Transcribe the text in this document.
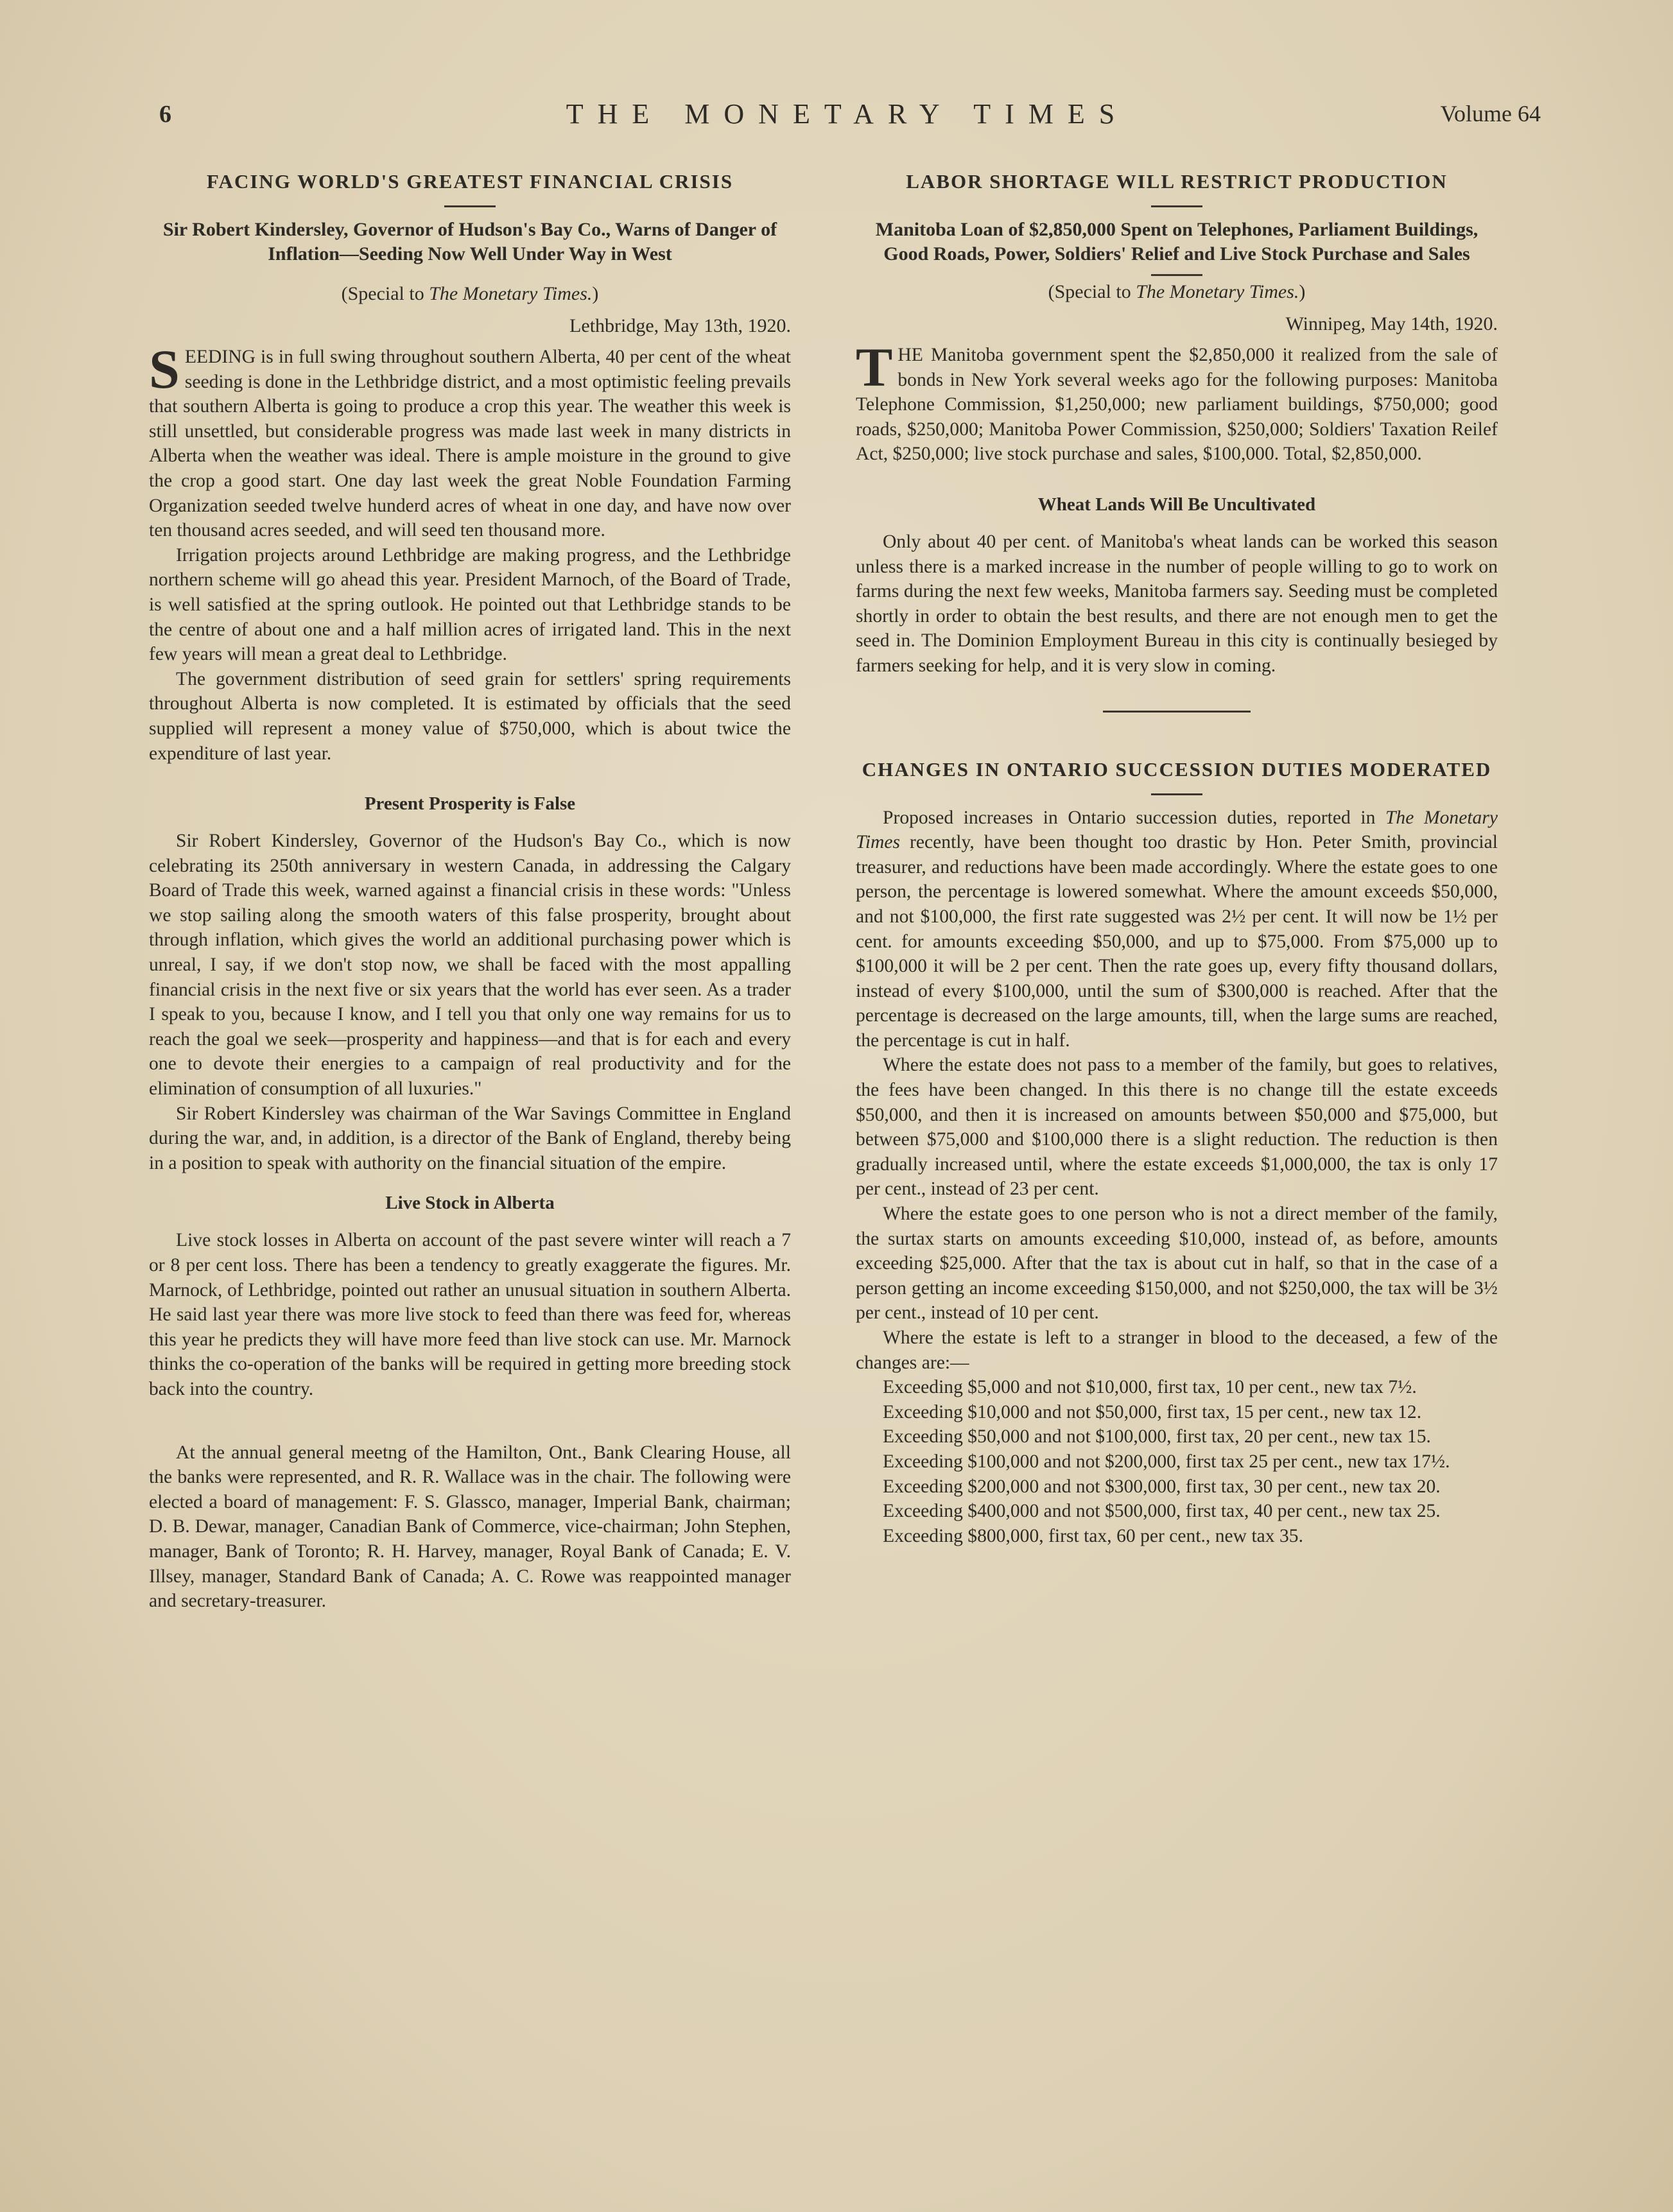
6	THE MONETARY TIMES	Volume 64
FACING WORLD'S GREATEST FINANCIAL CRISIS
Sir Robert Kindersley, Governor of Hudson's Bay Co., Warns of Danger of Inflation—Seeding Now Well Under Way in West
(Special to The Monetary Times.)
Lethbridge, May 13th, 1920.

SEEDING is in full swing throughout southern Alberta, 40 per cent of the wheat seeding is done in the Lethbridge district, and a most optimistic feeling prevails that southern Alberta is going to produce a crop this year. The weather this week is still unsettled, but considerable progress was made last week in many districts in Alberta when the weather was ideal. There is ample moisture in the ground to give the crop a good start. One day last week the great Noble Foundation Farming Organization seeded twelve hunderd acres of wheat in one day, and have now over ten thousand acres seeded, and will seed ten thousand more.

Irrigation projects around Lethbridge are making progress, and the Lethbridge northern scheme will go ahead this year. President Marnoch, of the Board of Trade, is well satisfied at the spring outlook. He pointed out that Lethbridge stands to be the centre of about one and a half million acres of irrigated land. This in the next few years will mean a great deal to Lethbridge.

The government distribution of seed grain for settlers' spring requirements throughout Alberta is now completed. It is estimated by officials that the seed supplied will represent a money value of $750,000, which is about twice the expenditure of last year.

Present Prosperity is False

Sir Robert Kindersley, Governor of the Hudson's Bay Co., which is now celebrating its 250th anniversary in western Canada, in addressing the Calgary Board of Trade this week, warned against a financial crisis in these words: "Unless we stop sailing along the smooth waters of this false prosperity, brought about through inflation, which gives the world an additional purchasing power which is unreal, I say, if we don't stop now, we shall be faced with the most appalling financial crisis in the next five or six years that the world has ever seen. As a trader I speak to you, because I know, and I tell you that only one way remains for us to reach the goal we seek—prosperity and happiness—and that is for each and every one to devote their energies to a campaign of real productivity and for the elimination of consumption of all luxuries."

Sir Robert Kindersley was chairman of the War Savings Committee in England during the war, and, in addition, is a director of the Bank of England, thereby being in a position to speak with authority on the financial situation of the empire.

Live Stock in Alberta

Live stock losses in Alberta on account of the past severe winter will reach a 7 or 8 per cent loss. There has been a tendency to greatly exaggerate the figures. Mr. Marnock, of Lethbridge, pointed out rather an unusual situation in southern Alberta. He said last year there was more live stock to feed than there was feed for, whereas this year he predicts they will have more feed than live stock can use. Mr. Marnock thinks the co-operation of the banks will be required in getting more breeding stock back into the country.

At the annual general meetng of the Hamilton, Ont., Bank Clearing House, all the banks were represented, and R. R. Wallace was in the chair. The following were elected a board of management: F. S. Glassco, manager, Imperial Bank, chairman; D. B. Dewar, manager, Canadian Bank of Commerce, vice-chairman; John Stephen, manager, Bank of Toronto; R. H. Harvey, manager, Royal Bank of Canada; E. V. Illsey, manager, Standard Bank of Canada; A. C. Rowe was reappointed manager and secretary-treasurer.

LABOR SHORTAGE WILL RESTRICT PRODUCTION
Manitoba Loan of $2,850,000 Spent on Telephones, Parliament Buildings, Good Roads, Power, Soldiers' Relief and Live Stock Purchase and Sales
(Special to The Monetary Times.)
Winnipeg, May 14th, 1920.

THE Manitoba government spent the $2,850,000 it realized from the sale of bonds in New York several weeks ago for the following purposes: Manitoba Telephone Commission, $1,250,000; new parliament buildings, $750,000; good roads, $250,000; Manitoba Power Commission, $250,000; Soldiers' Taxation Reilef Act, $250,000; live stock purchase and sales, $100,000. Total, $2,850,000.

Wheat Lands Will Be Uncultivated

Only about 40 per cent. of Manitoba's wheat lands can be worked this season unless there is a marked increase in the number of people willing to go to work on farms during the next few weeks, Manitoba farmers say. Seeding must be completed shortly in order to obtain the best results, and there are not enough men to get the seed in. The Dominion Employment Bureau in this city is continually besieged by farmers seeking for help, and it is very slow in coming.

CHANGES IN ONTARIO SUCCESSION DUTIES MODERATED

Proposed increases in Ontario succession duties, reported in The Monetary Times recently, have been thought too drastic by Hon. Peter Smith, provincial treasurer, and reductions have been made accordingly. Where the estate goes to one person, the percentage is lowered somewhat. Where the amount exceeds $50,000, and not $100,000, the first rate suggested was 2½ per cent. It will now be 1½ per cent. for amounts exceeding $50,000, and up to $75,000. From $75,000 up to $100,000 it will be 2 per cent. Then the rate goes up, every fifty thousand dollars, instead of every $100,000, until the sum of $300,000 is reached. After that the percentage is decreased on the large amounts, till, when the large sums are reached, the percentage is cut in half.

Where the estate does not pass to a member of the family, but goes to relatives, the fees have been changed. In this there is no change till the estate exceeds $50,000, and then it is increased on amounts between $50,000 and $75,000, but between $75,000 and $100,000 there is a slight reduction. The reduction is then gradually increased until, where the estate exceeds $1,000,000, the tax is only 17 per cent., instead of 23 per cent.

Where the estate goes to one person who is not a direct member of the family, the surtax starts on amounts exceeding $10,000, instead of, as before, amounts exceeding $25,000. After that the tax is about cut in half, so that in the case of a person getting an income exceeding $150,000, and not $250,000, the tax will be 3½ per cent., instead of 10 per cent.

Where the estate is left to a stranger in blood to the deceased, a few of the changes are:—

Exceeding $5,000 and not $10,000, first tax, 10 per cent., new tax 7½.

Exceeding $10,000 and not $50,000, first tax, 15 per cent., new tax 12.

Exceeding $50,000 and not $100,000, first tax, 20 per cent., new tax 15.

Exceeding $100,000 and not $200,000, first tax 25 per cent., new tax 17½.

Exceeding $200,000 and not $300,000, first tax, 30 per cent., new tax 20.

Exceeding $400,000 and not $500,000, first tax, 40 per cent., new tax 25.

Exceeding $800,000, first tax, 60 per cent., new tax 35.
